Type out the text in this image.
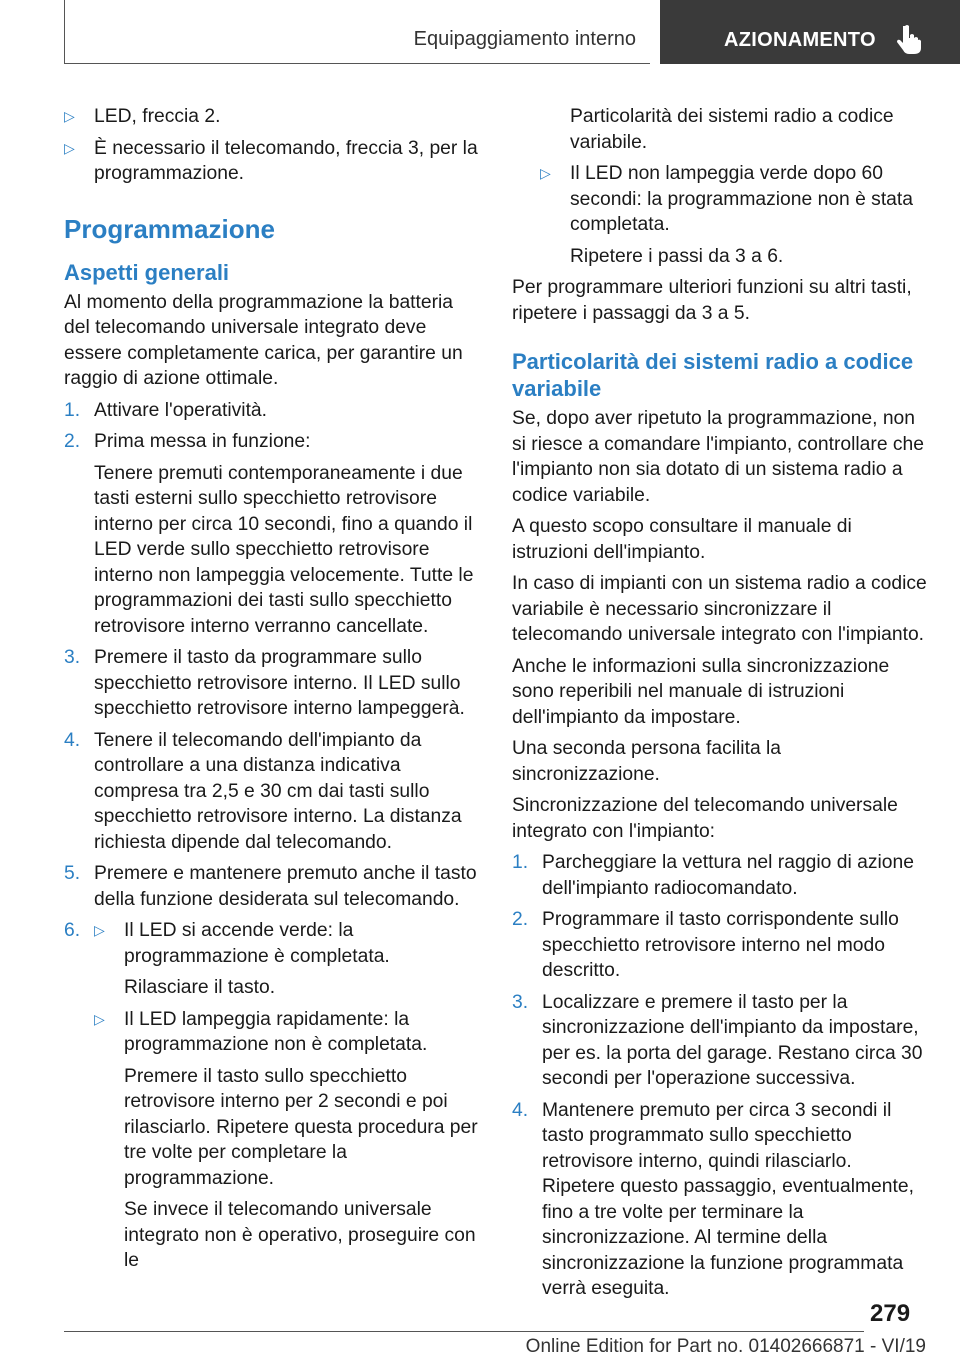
Equipaggiamento interno	AZIONAMENTO
▷ LED, freccia 2.
▷ È necessario il telecomando, freccia 3, per la programmazione.
Programmazione
Aspetti generali

Al momento della programmazione la batteria del telecomando universale integrato deve essere completamente carica, per garantire un raggio di azione ottimale.

1. Attivare l'operatività.
2. Prima messa in funzione:
Tenere premuti contemporaneamente i due tasti esterni sullo specchietto retrovisore interno per circa 10 secondi, fino a quando il LED verde sullo specchietto retrovisore interno non lampeggia velocemente. Tutte le programmazioni dei tasti sullo specchietto retrovisore interno verranno cancellate.
3. Premere il tasto da programmare sullo specchietto retrovisore interno. Il LED sullo specchietto retrovisore interno lampeggerà.
4. Tenere il telecomando dell'impianto da controllare a una distanza indicativa compresa tra 2,5 e 30 cm dai tasti sullo specchietto retrovisore interno. La distanza richiesta dipende dal telecomando.
5. Premere e mantenere premuto anche il tasto della funzione desiderata sul telecomando.
6. ▷ Il LED si accende verde: la programmazione è completata.
Rilasciare il tasto.
▷ Il LED lampeggia rapidamente: la programmazione non è completata.
Premere il tasto sullo specchietto retrovisore interno per 2 secondi e poi rilasciarlo. Ripetere questa procedura per tre volte per completare la programmazione.
Se invece il telecomando universale integrato non è operativo, proseguire con le
Particolarità dei sistemi radio a codice variabile.
▷ Il LED non lampeggia verde dopo 60 secondi: la programmazione non è stata completata.
Ripetere i passi da 3 a 6.

Per programmare ulteriori funzioni su altri tasti, ripetere i passaggi da 3 a 5.

Particolarità dei sistemi radio a codice variabile

Se, dopo aver ripetuto la programmazione, non si riesce a comandare l'impianto, controllare che l'impianto non sia dotato di un sistema radio a codice variabile.

A questo scopo consultare il manuale di istruzioni dell'impianto.

In caso di impianti con un sistema radio a codice variabile è necessario sincronizzare il telecomando universale integrato con l'impianto.

Anche le informazioni sulla sincronizzazione sono reperibili nel manuale di istruzioni dell'impianto da impostare.

Una seconda persona facilita la sincronizzazione.

Sincronizzazione del telecomando universale integrato con l'impianto:

1. Parcheggiare la vettura nel raggio di azione dell'impianto radiocomandato.
2. Programmare il tasto corrispondente sullo specchietto retrovisore interno nel modo descritto.
3. Localizzare e premere il tasto per la sincronizzazione dell'impianto da impostare, per es. la porta del garage. Restano circa 30 secondi per l'operazione successiva.
4. Mantenere premuto per circa 3 secondi il tasto programmato sullo specchietto retrovisore interno, quindi rilasciarlo. Ripetere questo passaggio, eventualmente, fino a tre volte per terminare la sincronizzazione. Al termine della sincronizzazione la funzione programmata verrà eseguita.
279
Online Edition for Part no. 01402666871 - VI/19
